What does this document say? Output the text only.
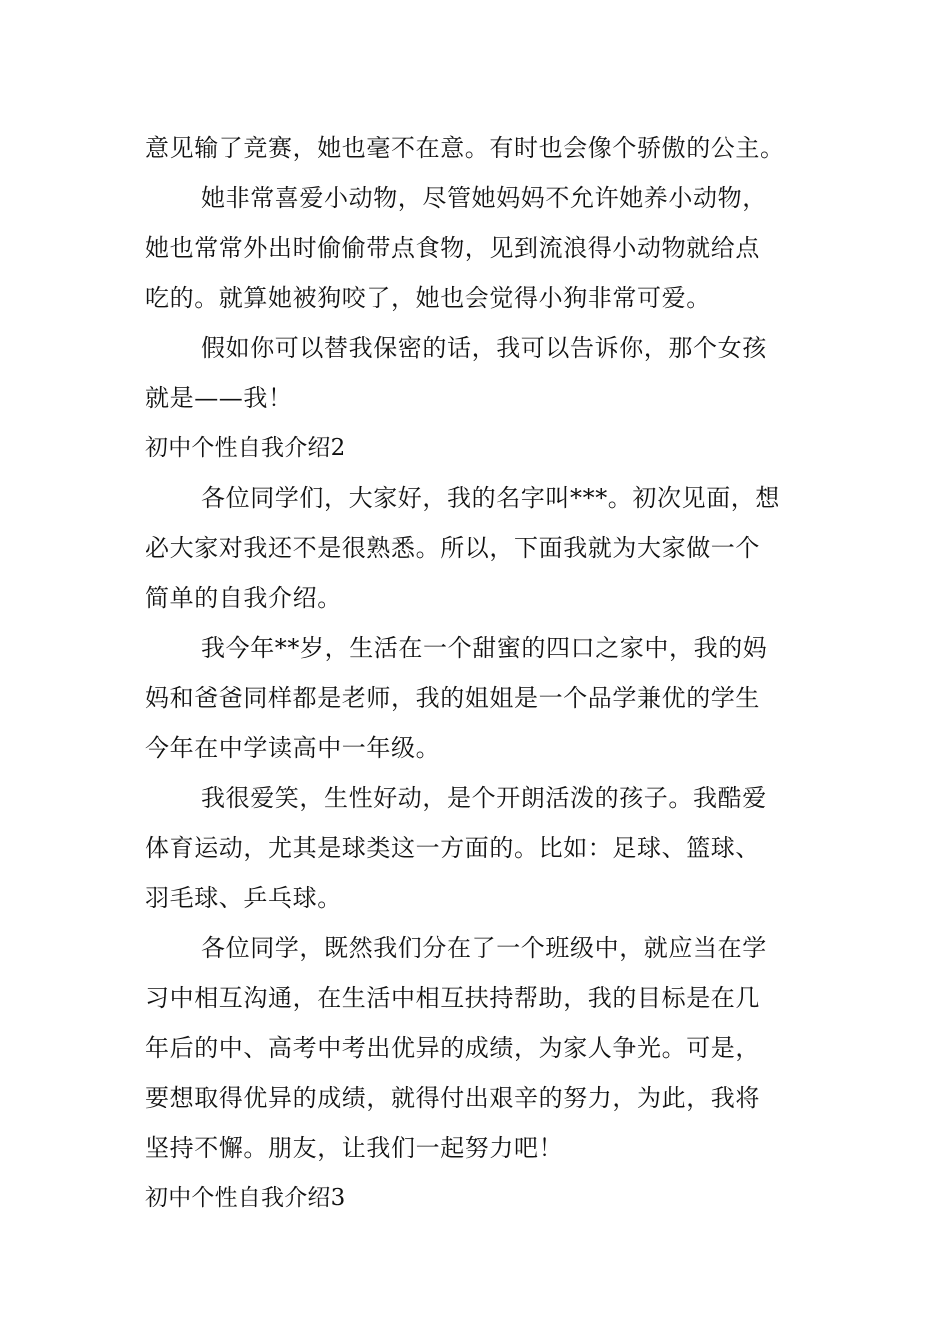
意见输了竞赛，她也毫不在意。有时也会像个骄傲的公主。
她非常喜爱小动物，尽管她妈妈不允许她养小动物，
她也常常外出时偷偷带点食物，见到流浪得小动物就给点
吃的。就算她被狗咬了，她也会觉得小狗非常可爱。
假如你可以替我保密的话，我可以告诉你，那个女孩
就是——我！
初中个性自我介绍2
各位同学们，大家好，我的名字叫***。初次见面，想
必大家对我还不是很熟悉。所以，下面我就为大家做一个
简单的自我介绍。
我今年**岁，生活在一个甜蜜的四口之家中，我的妈
妈和爸爸同样都是老师，我的姐姐是一个品学兼优的学生
今年在中学读高中一年级。
我很爱笑，生性好动，是个开朗活泼的孩子。我酷爱
体育运动，尤其是球类这一方面的。比如：足球、篮球、
羽毛球、乒乓球。
各位同学，既然我们分在了一个班级中，就应当在学
习中相互沟通，在生活中相互扶持帮助，我的目标是在几
年后的中、高考中考出优异的成绩，为家人争光。可是，
要想取得优异的成绩，就得付出艰辛的努力，为此，我将
坚持不懈。朋友，让我们一起努力吧！
初中个性自我介绍3
